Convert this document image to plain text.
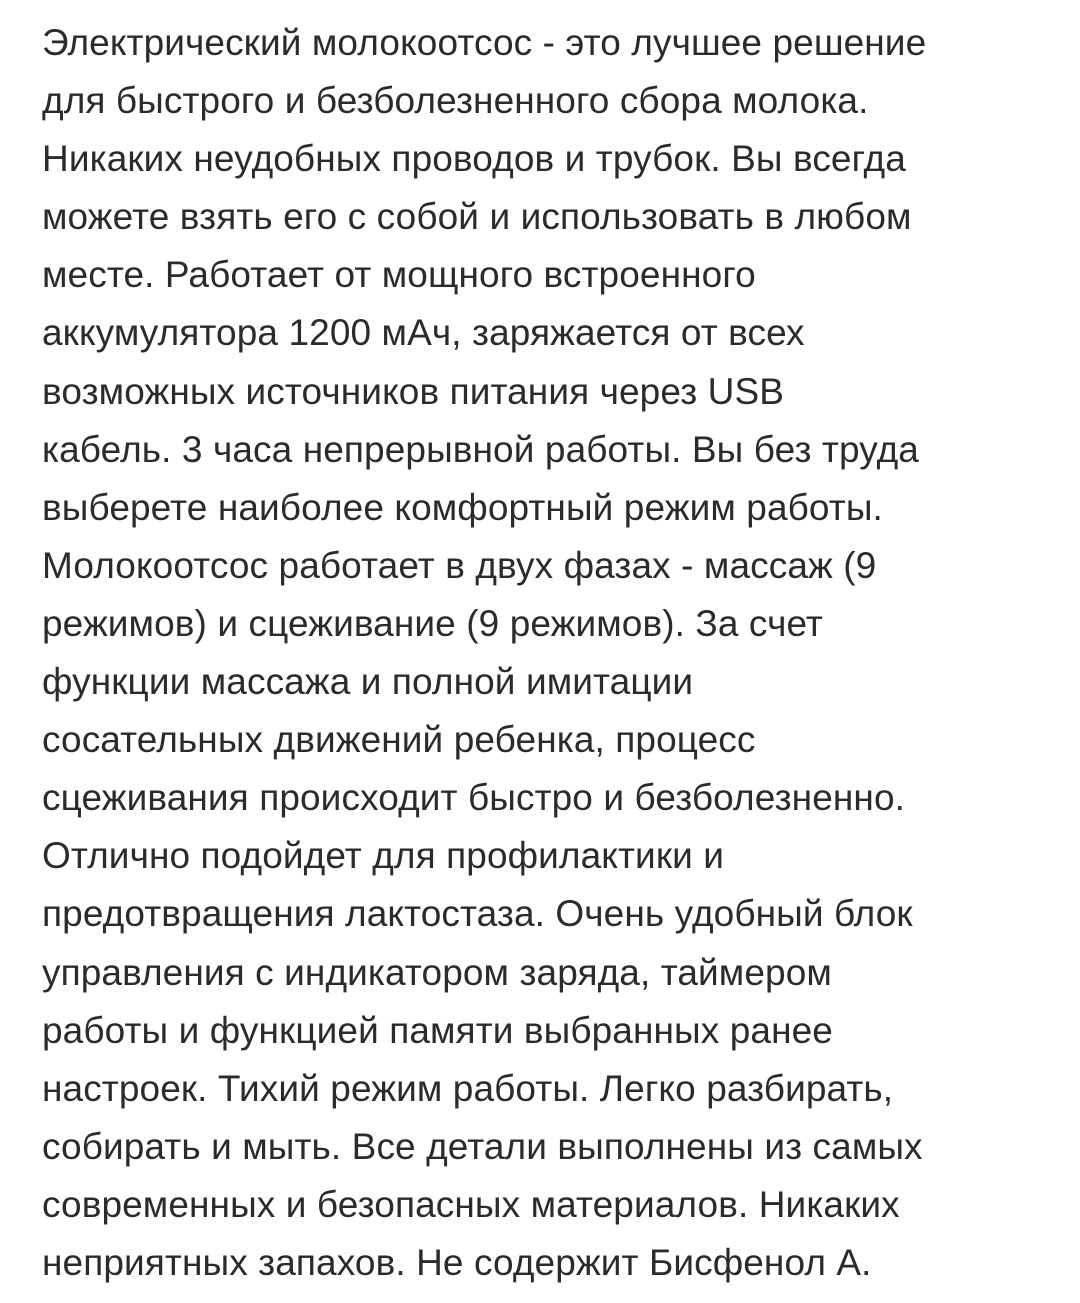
Электрический молокоотсос - это лучшее решение
для быстрого и безболезненного сбора молока.
Никаких неудобных проводов и трубок. Вы всегда
можете взять его с собой и использовать в любом
месте. Работает от мощного встроенного
аккумулятора 1200 мАч, заряжается от всех
возможных источников питания через USB
кабель. 3 часа непрерывной работы. Вы без труда
выберете наиболее комфортный режим работы.
Молокоотсос работает в двух фазах - массаж (9
режимов) и сцеживание (9 режимов). За счет
функции массажа и полной имитации
сосательных движений ребенка, процесс
сцеживания происходит быстро и безболезненно.
Отлично подойдет для профилактики и
предотвращения лактостаза. Очень удобный блок
управления с индикатором заряда, таймером
работы и функцией памяти выбранных ранее
настроек. Тихий режим работы. Легко разбирать,
собирать и мыть. Все детали выполнены из самых
современных и безопасных материалов. Никаких
неприятных запахов. Не содержит Бисфенол А.
